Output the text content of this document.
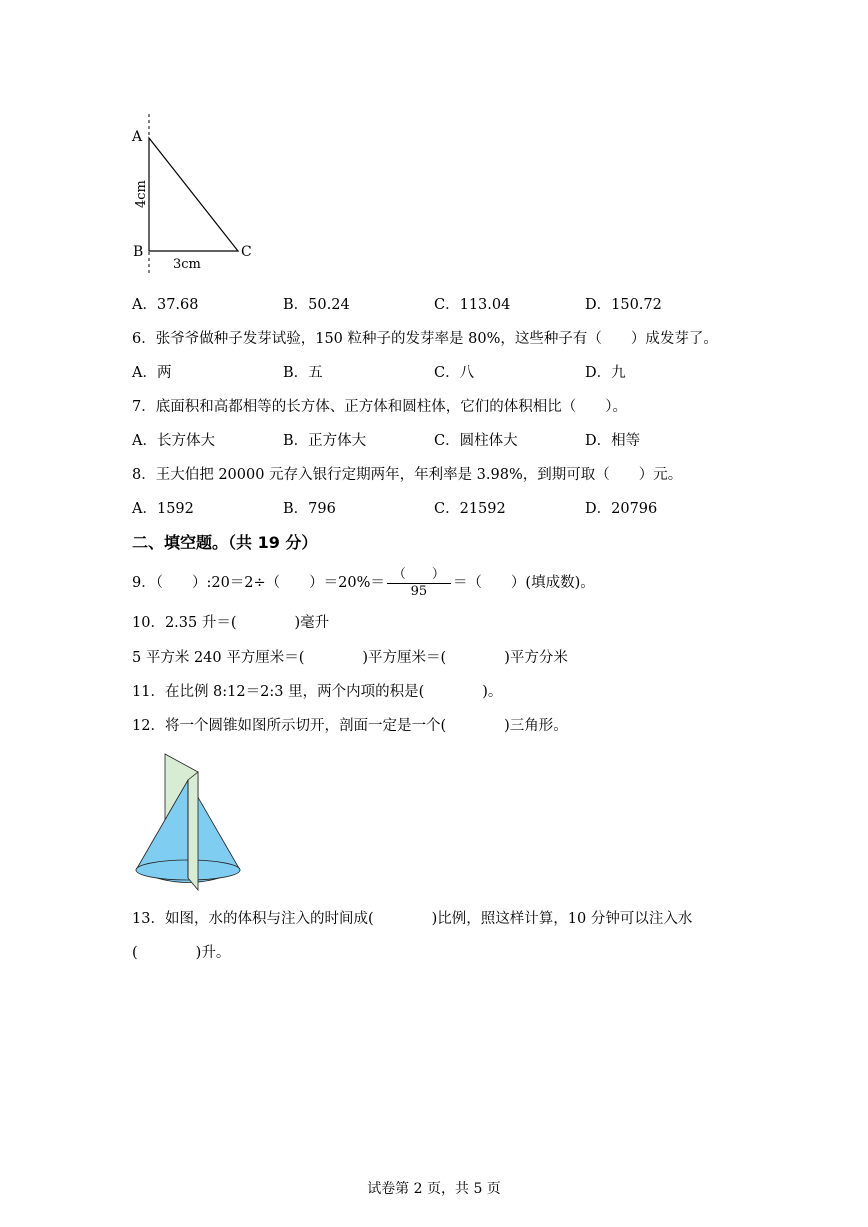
A
B	C
4cm
3cm
A．37.68	B．50.24	C．113.04	D．150.72
6．张爷爷做种子发芽试验，150 粒种子的发芽率是 80%，这些种子有（　　）成发芽了。
A．两	B．五	C．八	D．九
7．底面积和高都相等的长方体、正方体和圆柱体，它们的体积相比（　　）。
A．长方体大	B．正方体大	C．圆柱体大	D．相等
8．王大伯把 20000 元存入银行定期两年，年利率是 3.98%，到期可取（　　）元。
A．1592	B．796	C．21592	D．20796
二、填空题。（共 19 分）
9．（　　）:20＝2÷（　　）$=20\%= \frac{( )}{95}$ ＝（　　）(填成数)。
10．2.35 升＝(　　　　)毫升
5 平方米 240 平方厘米＝(　　　　)平方厘米＝(　　　　)平方分米
11．在比例 8:12＝2:3 里，两个内项的积是(　　　　)。
12．将一个圆锥如图所示切开，剖面一定是一个(　　　　)三角形。
13．如图，水的体积与注入的时间成(　　　　)比例，照这样计算，10 分钟可以注入水
(　　　　)升。
试卷第 2 页，共 5 页
